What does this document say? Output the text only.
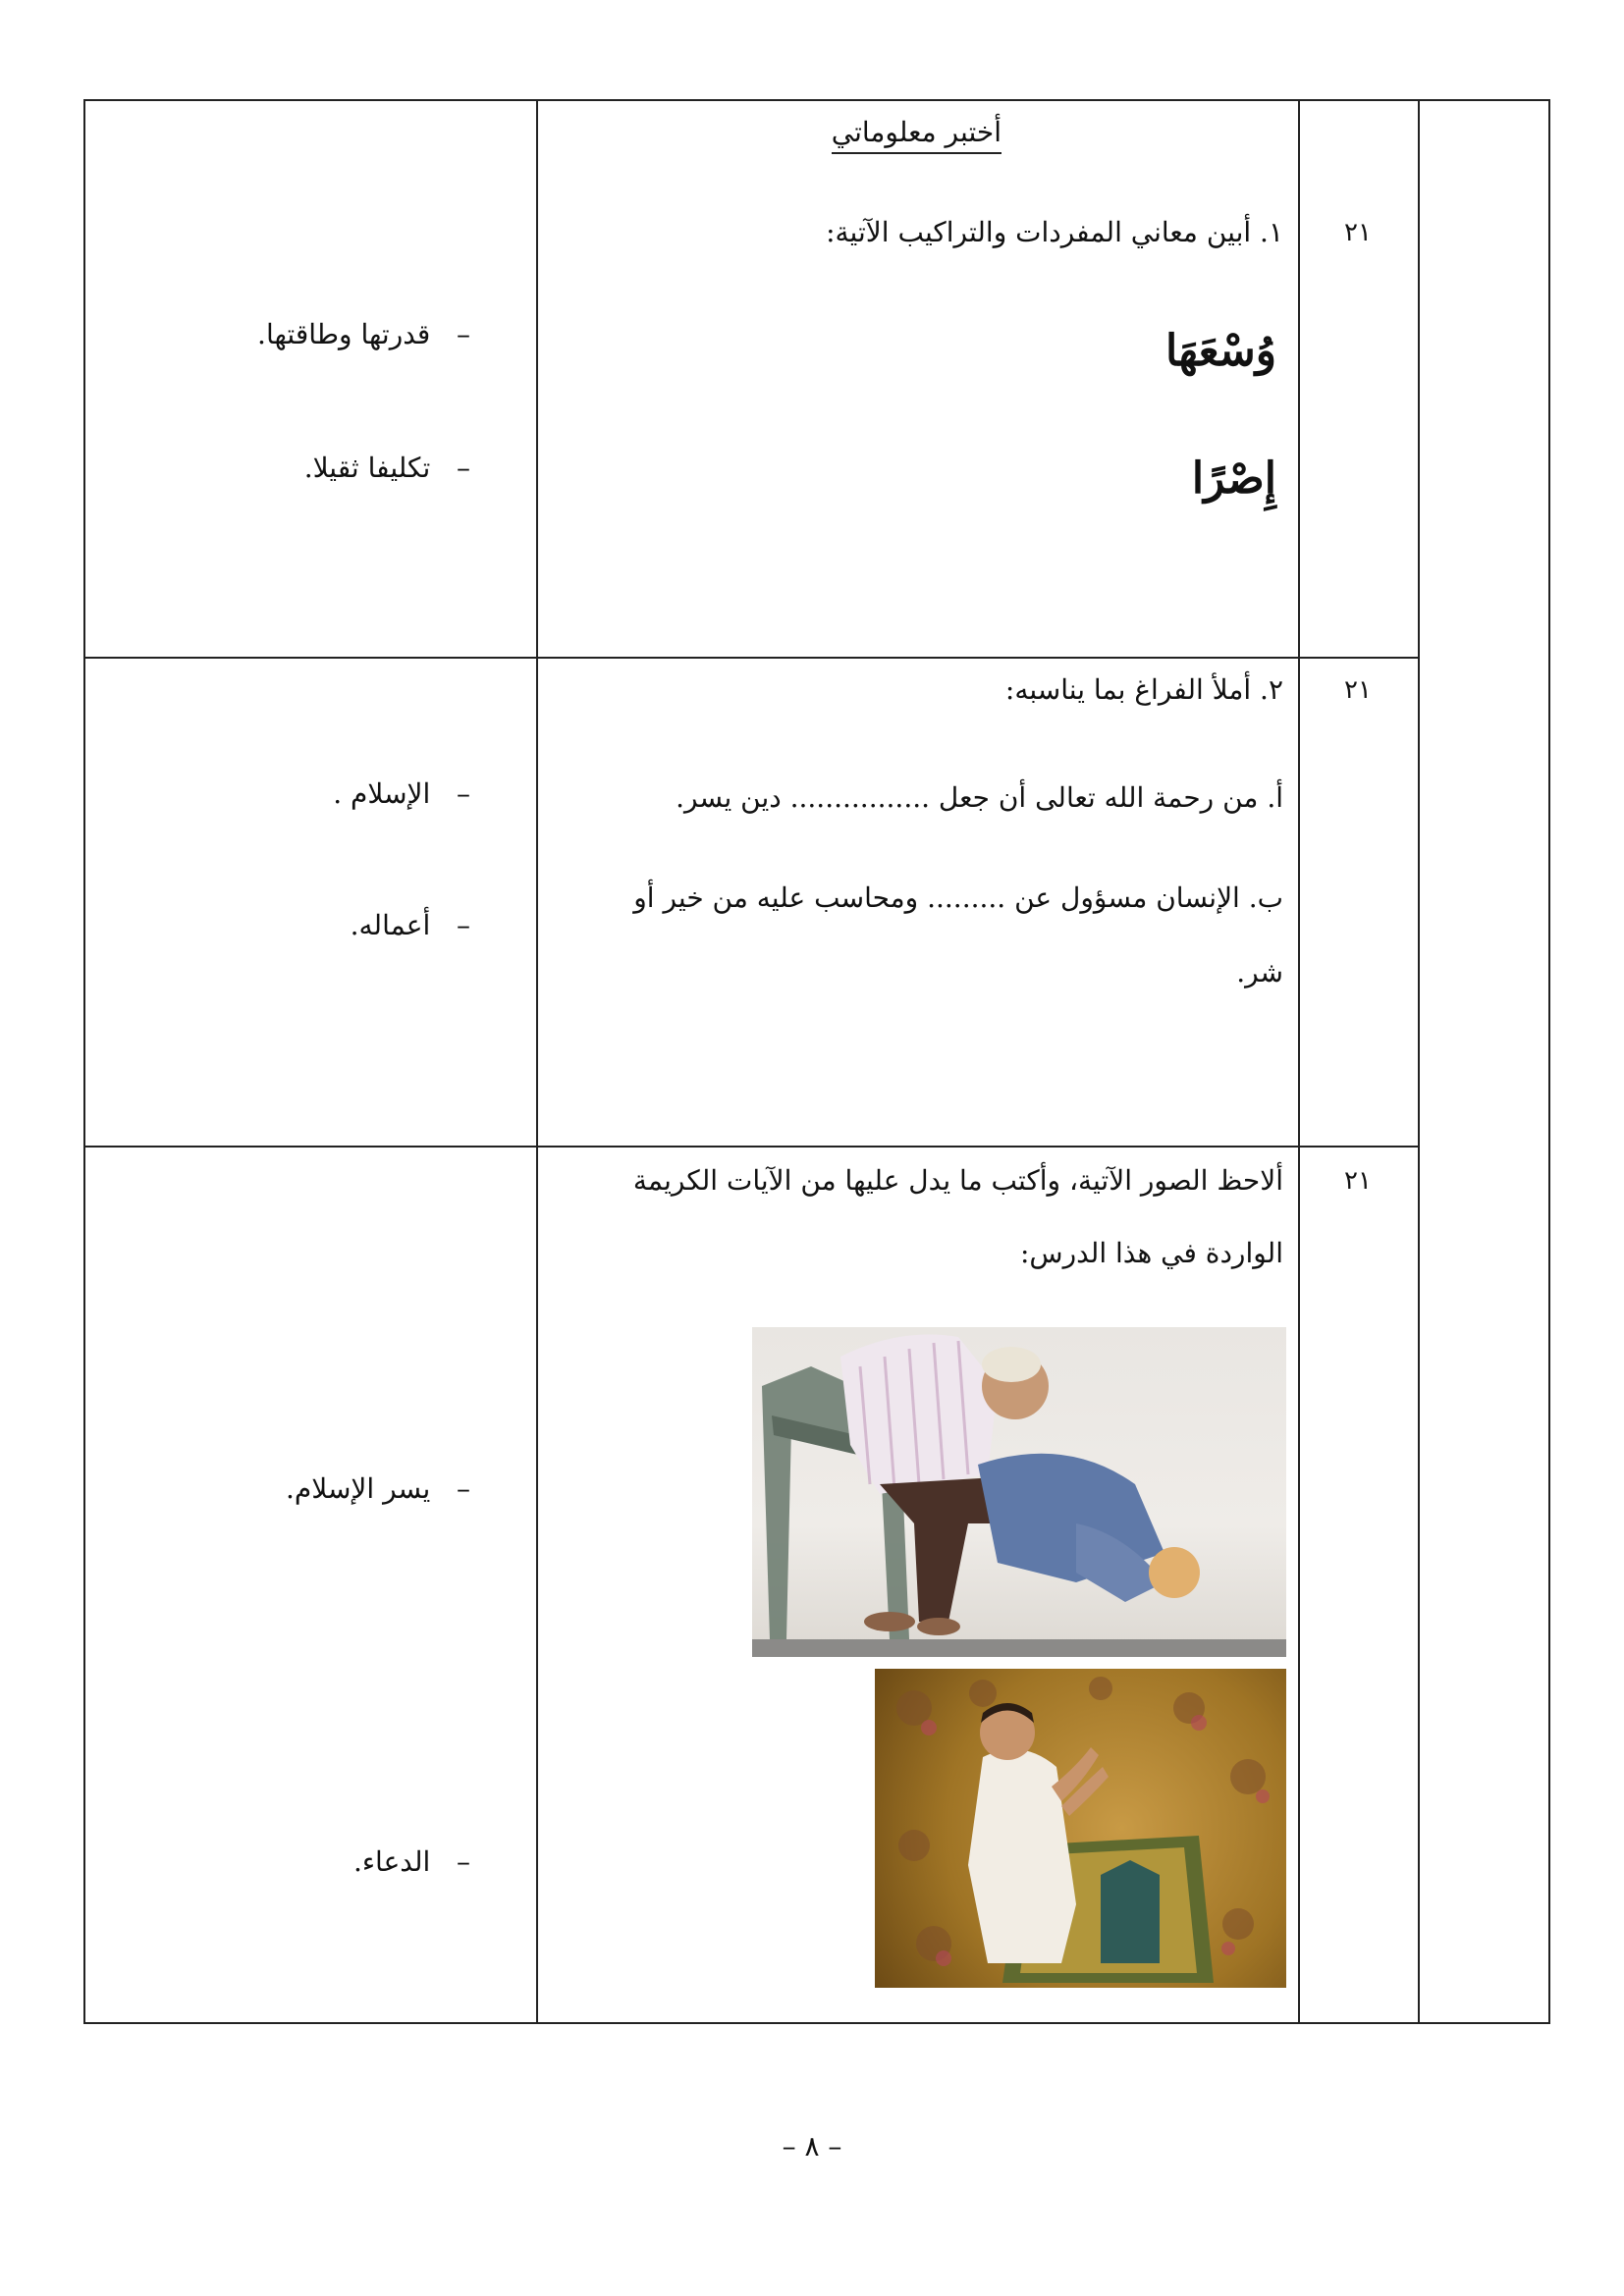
أختبر معلوماتي
٢١
١. أبين معاني المفردات والتراكيب الآتية:
وُسْعَهَا
إِصْرًا
–   قدرتها وطاقتها.
–   تكليفا ثقيلا.
٢١
٢. أملأ الفراغ بما يناسبه:
أ. من رحمة الله تعالى أن جعل ................ دين يسر.
ب. الإنسان مسؤول عن ......... ومحاسب عليه من خير أو
شر.
–   الإسلام .
–   أعماله.
٢١
ألاحظ الصور الآتية، وأكتب ما يدل عليها من الآيات الكريمة
الواردة في هذا الدرس:
–   يسر الإسلام.
–   الدعاء.
– ٨ –
